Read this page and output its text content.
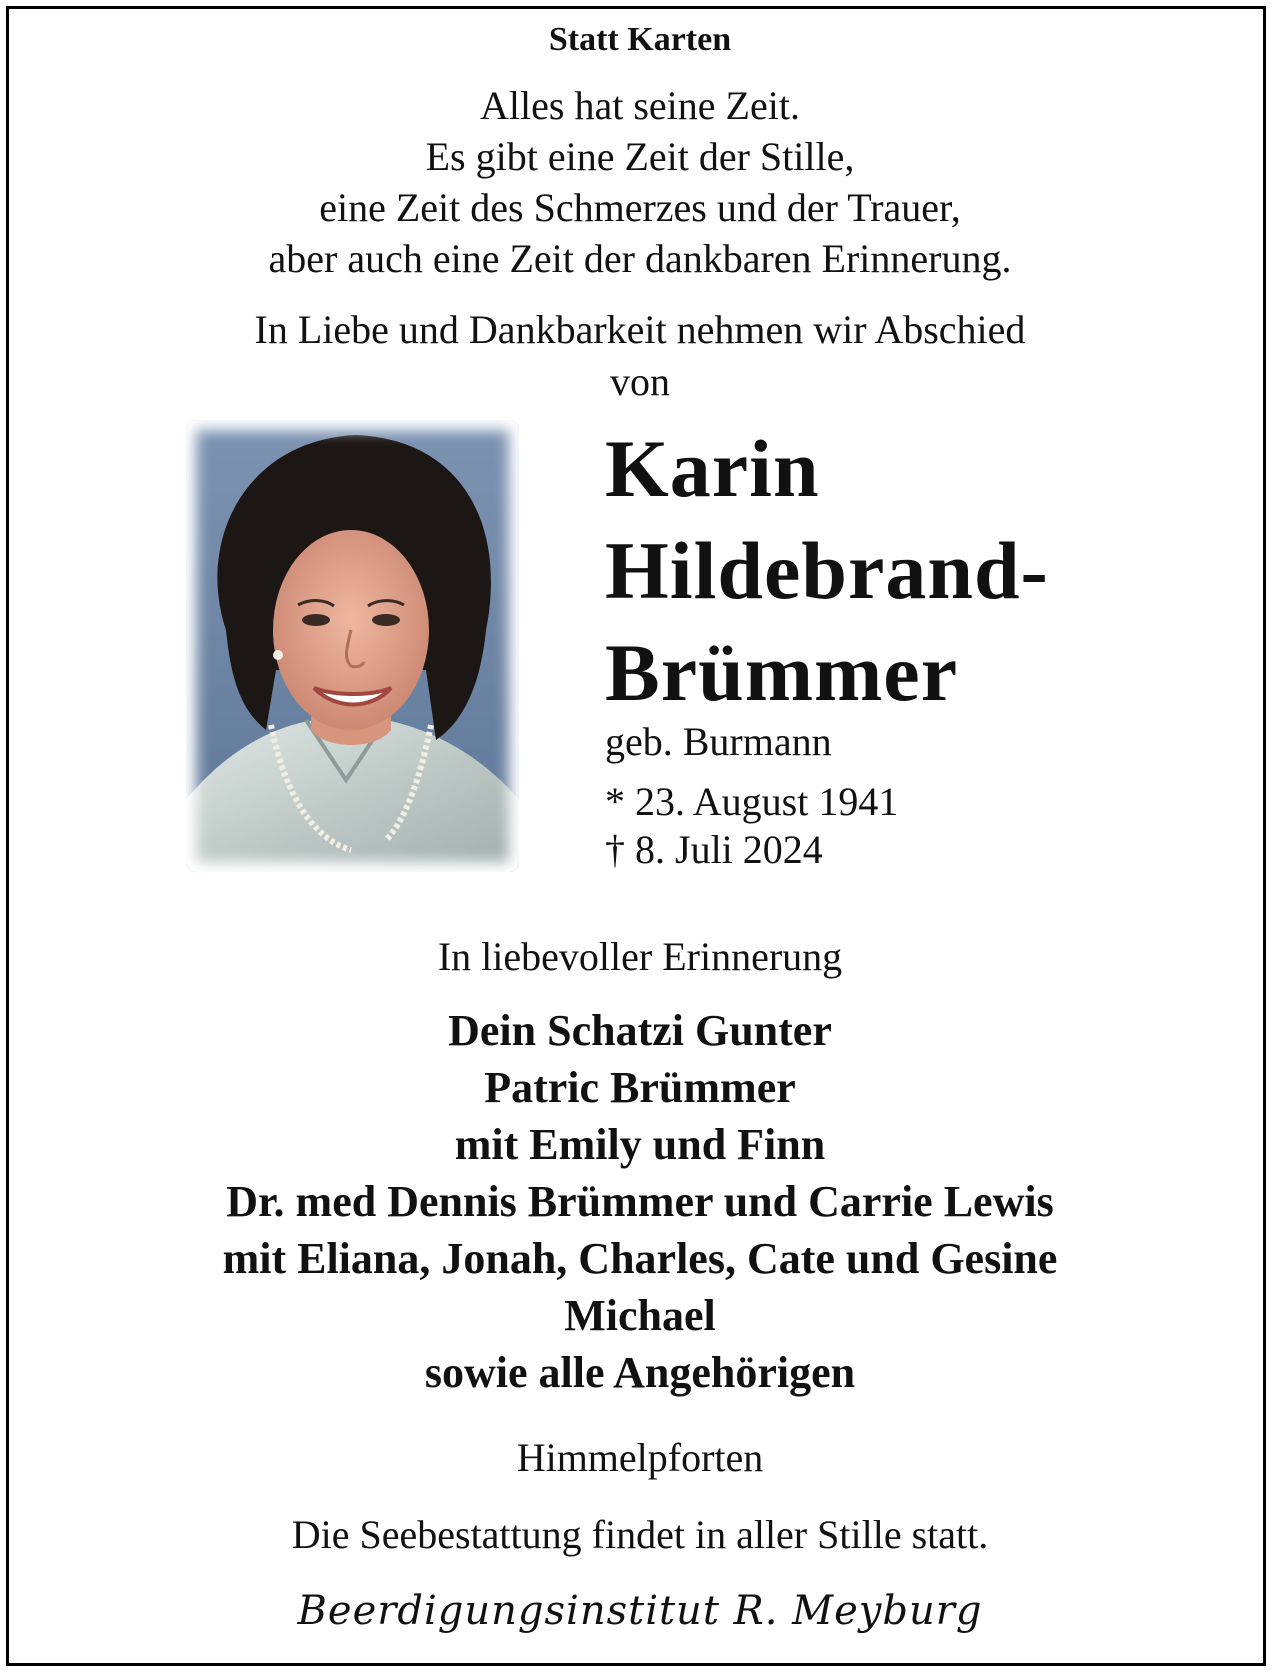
Statt Karten
Alles hat seine Zeit.
Es gibt eine Zeit der Stille,
eine Zeit des Schmerzes und der Trauer,
aber auch eine Zeit der dankbaren Erinnerung.
In Liebe und Dankbarkeit nehmen wir Abschied
von
Karin
Hildebrand-
Brümmer
geb. Burmann
* 23. August 1941
† 8. Juli 2024
In liebevoller Erinnerung
Dein Schatzi Gunter
Patric Brümmer
mit Emily und Finn
Dr. med Dennis Brümmer und Carrie Lewis
mit Eliana, Jonah, Charles, Cate und Gesine
Michael
sowie alle Angehörigen
Himmelpforten
Die Seebestattung findet in aller Stille statt.
Beerdigungsinstitut R. Meyburg
